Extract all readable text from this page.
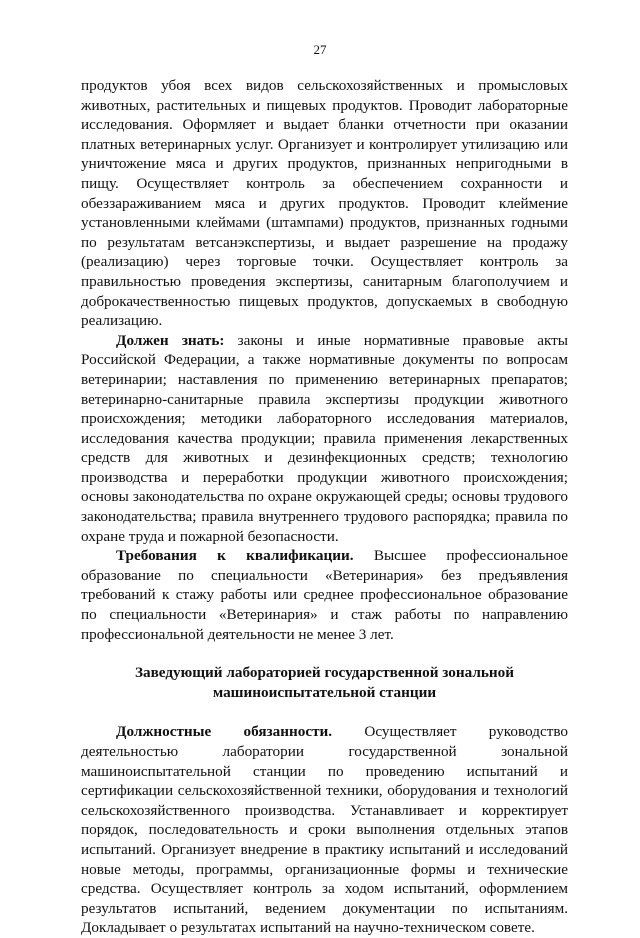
27

продуктов убоя всех видов сельскохозяйственных и промысловых животных, растительных и пищевых продуктов. Проводит лабораторные исследования. Оформляет и выдает бланки отчетности при оказании платных ветеринарных услуг. Организует и контролирует утилизацию или уничтожение мяса и других продуктов, признанных непригодными в пищу. Осуществляет контроль за обеспечением сохранности и обеззараживанием мяса и других продуктов. Проводит клеймение установленными клеймами (штампами) продуктов, признанных годными по результатам ветсанэкспертизы, и выдает разрешение на продажу (реализацию) через торговые точки. Осуществляет контроль за правильностью проведения экспертизы, санитарным благополучием и доброкачественностью пищевых продуктов, допускаемых в свободную реализацию.

Должен знать: законы и иные нормативные правовые акты Российской Федерации, а также нормативные документы по вопросам ветеринарии; наставления по применению ветеринарных препаратов; ветеринарно-санитарные правила экспертизы продукции животного происхождения; методики лабораторного исследования материалов, исследования качества продукции; правила применения лекарственных средств для животных и дезинфекционных средств; технологию производства и переработки продукции животного происхождения; основы законодательства по охране окружающей среды; основы трудового законодательства; правила внутреннего трудового распорядка; правила по охране труда и пожарной безопасности.

Требования к квалификации. Высшее профессиональное образование по специальности «Ветеринария» без предъявления требований к стажу работы или среднее профессиональное образование по специальности «Ветеринария» и стаж работы по направлению профессиональной деятельности не менее 3 лет.

Заведующий лабораторией государственной зональной
машиноиспытательной станции

Должностные обязанности. Осуществляет руководство деятельностью лаборатории государственной зональной машиноиспытательной станции по проведению испытаний и сертификации сельскохозяйственной техники, оборудования и технологий сельскохозяйственного производства. Устанавливает и корректирует порядок, последовательность и сроки выполнения отдельных этапов испытаний. Организует внедрение в практику испытаний и исследований новые методы, программы, организационные формы и технические средства. Осуществляет контроль за ходом испытаний, оформлением результатов испытаний, ведением документации по испытаниям. Докладывает о результатах испытаний на научно-техническом совете.
